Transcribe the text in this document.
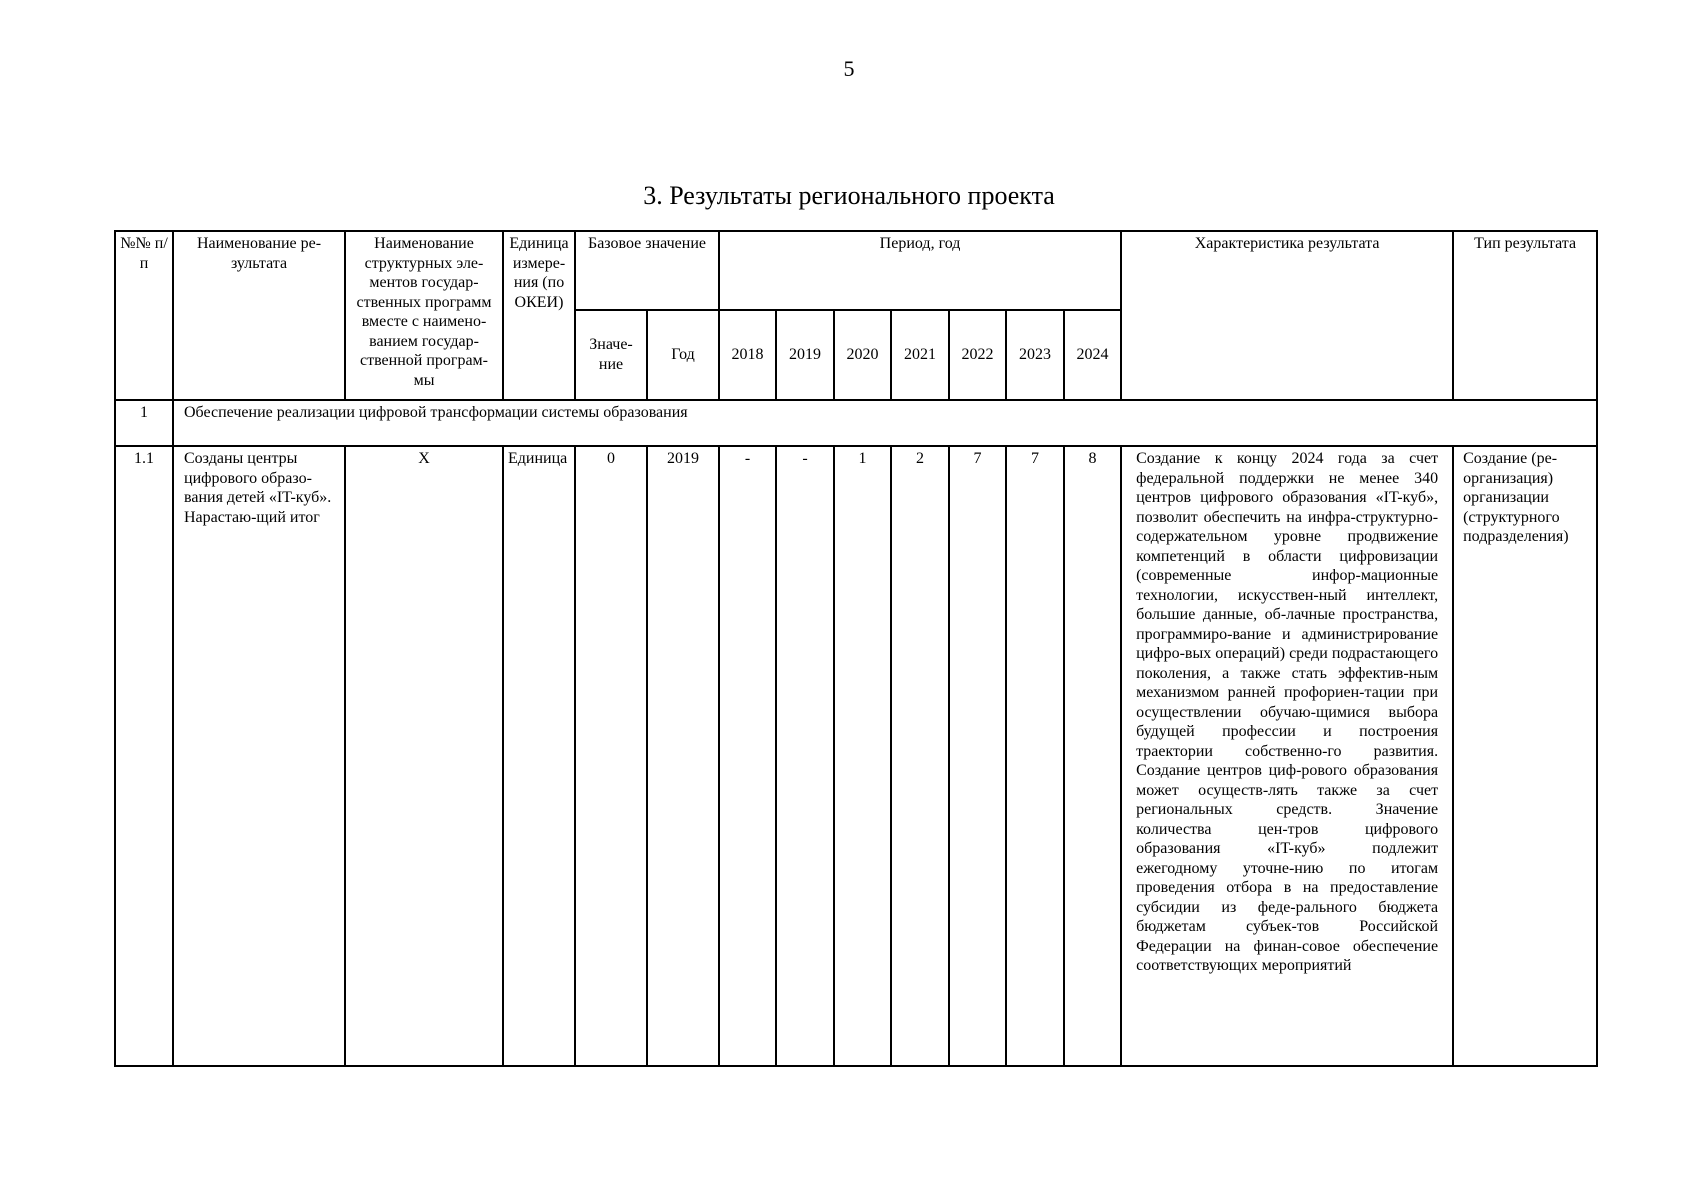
5
3. Результаты регионального проекта
№№ п/п	Наименование ре-зультата	Наименование структурных эле-ментов государ-ственных программ вместе с наимено-ванием государ-ственной програм-мы	Единица измере-ния (по ОКЕИ)	Базовое значение		Период, год							Характеристика результата	Тип результата
				Значе-ние	Год	2018	2019	2020	2021	2022	2023	2024		
1	Обеспечение реализации цифровой трансформации системы образования													
1.1	Созданы центры цифрового образо-вания детей «IT-куб». Нарастаю-щий итог	Х	Единица	0	2019	-	-	1	2	7	7	8	Создание к концу 2024 года за счет федеральной поддержки не менее 340 центров цифрового образования «IT-куб», позволит обеспечить на инфра-структурно-содержательном уровне продвижение компетенций в области цифровизации (современные инфор-мационные технологии, искусствен-ный интеллект, большие данные, об-лачные пространства, программиро-вание и администрирование цифро-вых операций) среди подрастающего поколения, а также стать эффектив-ным механизмом ранней профориен-тации при осуществлении обучаю-щимися выбора будущей профессии и построения траектории собственно-го развития. Создание центров циф-рового образования может осуществ-лять также за счет региональных средств. Значение количества цен-тров цифрового образования «IT-куб» подлежит ежегодному уточне-нию по итогам проведения отбора в на предоставление субсидии из феде-рального бюджета бюджетам субъек-тов Российской Федерации на финан-совое обеспечение соответствующих мероприятий	Создание (ре-организация) организации (структурного подразделения)
